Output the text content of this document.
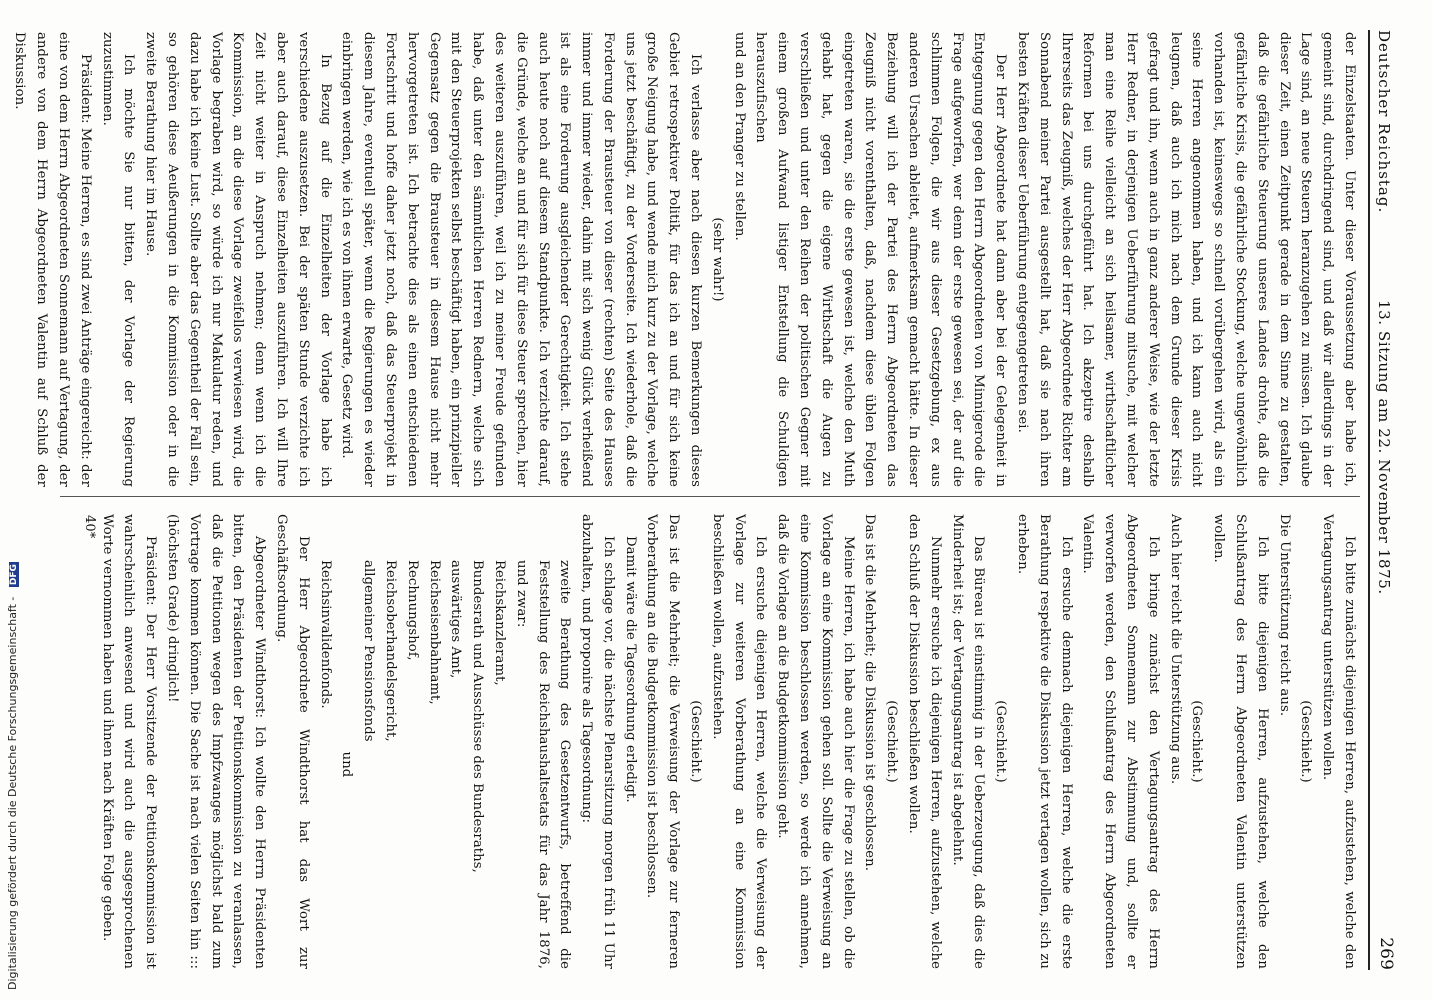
Deutscher Reichstag.
13. Sitzung am 22. November 1875.
269

der Einzelstaaten. Unter dieser Voraussetzung aber habe ich, gemeint sind, durchdringend sind, und daß wir allerdings in der Lage sind, an neue Steuern heranzugehen zu müssen. Ich glaube dieser Zeit, einen Zeitpunkt gerade in dem Sinne zu gestalten, daß die gefährliche Steuerung unseres Landes drohte, daß die gefährliche Krisis, die gefährliche Stockung, welche ungewöhnlich vorhanden ist, keineswegs so schnell vorübergehen wird, als ein seine Herren angenommen haben, und ich kann auch nicht leugnen, daß auch ich mich nach dem Grunde dieser Krisis gefragt und ihn, wenn auch in ganz anderer Weise, wie der letzte Herr Redner, in derjenigen Ueberführung mitsuche, mit welcher man eine Reihe vielleicht an sich heilsamer, wirthschaftlicher Reformen bei uns durchgeführt hat. Ich akzeptire deshalb Ihrerseits das Zeugniß, welches der Herr Abgeordnete Richter am Sonnabend meiner Partei ausgestellt hat, daß sie nach ihren besten Kräften dieser Ueberführung entgegengetreten sei.

Der Herr Abgeordnete hat dann aber bei der Gelegenheit in Entgegnung gegen den Herrn Abgeordneten von Minnigerode die Frage aufgeworfen, wer denn der erste gewesen sei, der auf die schlimmen Folgen, die wir aus dieser Gesetzgebung, ex aus anderen Ursachen ableitet, aufmerksam gemacht hätte. In dieser Beziehung will ich der Partei des Herrn Abgeordneten das Zeugniß nicht vorenthalten, daß, nachdem diese üblen Folgen eingetreten waren, sie die erste gewesen ist, welche den Muth gehabt hat, gegen die eigene Wirthschaft die Augen zu verschließen und unter den Reihen der politischen Gegner mit einem großen Aufwand listiger Entstellung die Schuldigen herauszufischen

und an den Pranger zu stellen.

(sehr wahr!)

Ich verlasse aber nach diesen kurzen Bemerkungen dieses Gebiet retrospektiver Politik, für das ich an und für sich keine große Neigung habe, und wende mich kurz zu der Vorlage, welche uns jetzt beschäftigt, zu der Vorderseite. Ich wiederhole, daß die Forderung der Brausteuer von dieser (rechten) Seite des Hauses immer und immer wieder, dahin mit sich wenig Glück verheißend ist als eine Forderung ausgleichender Gerechtigkeit. Ich stehe auch heute noch auf diesem Standpunkte. Ich verzichte darauf, die Gründe, welche an und für sich für diese Steuer sprechen, hier des weiteren auszuführen, weil ich zu meiner Freude gefunden habe, daß unter den sämmtlichen Herren Rednern, welche sich mit den Steuerprojekten selbst beschäftigt haben, ein prinzipieller Gegensatz gegen die Brausteuer in diesem Hause nicht mehr hervorgetreten ist. Ich betrachte dies als einen entschiedenen Fortschritt und hoffe daher jetzt noch, daß das Steuerprojekt in diesem Jahre, eventuell später, wenn die Regierungen es wieder einbringen werden, wie ich es von ihnen erwarte, Gesetz wird.

In Bezug auf die Einzelheiten der Vorlage habe ich verschiedene auszusetzen. Bei der späten Stunde verzichte ich aber auch darauf, diese Einzelheiten auszuführen. Ich will Ihre Zeit nicht weiter in Anspruch nehmen; denn wenn ich die Kommission, an die diese Vorlage zweifellos verwiesen wird, die Vorlage begraben wird, so würde ich nur Makulatur reden, und dazu habe ich keine Lust. Sollte aber das Gegentheil der Fall sein, so gehören diese Aeußerungen in die Kommission oder in die zweite Berathung hier im Hause.

Ich möchte Sie nur bitten, der Vorlage der Regierung zuzustimmen.

Präsident: Meine Herren, es sind zwei Anträge eingereicht: der eine von dem Herrn Abgeordneten Sonnemann auf Vertagung, der andere von dem Herrn Abgeordneten Valentin auf Schluß der Diskussion.

Ich bitte zunächst diejenigen Herren, aufzustehen, welche den Vertagungsantrag unterstützen wollen.

(Geschieht.)

Die Unterstützung reicht aus.

Ich bitte diejenigen Herren, aufzustehen, welche den Schlußantrag des Herrn Abgeordneten Valentin unterstützen wollen.

(Geschieht.)

Auch hier reicht die Unterstützung aus.

Ich bringe zunächst den Vertagungsantrag des Herrn Abgeordneten Sonnemann zur Abstimmung und, sollte er verworfen werden, den Schlußantrag des Herrn Abgeordneten Valentin.

Ich ersuche demnach diejenigen Herren, welche die erste Berathung respektive die Diskussion jetzt vertagen wollen, sich zu erheben.

(Geschieht.)

Das Büreau ist einstimmig in der Ueberzeugung, daß dies die Minderheit ist; der Vertagungsantrag ist abgelehnt.

Nunmehr ersuche ich diejenigen Herren, aufzustehen, welche den Schluß der Diskussion beschließen wollen.

(Geschieht.)

Das ist die Mehrheit; die Diskussion ist geschlossen.

Meine Herren, ich habe auch hier die Frage zu stellen, ob die Vorlage an eine Kommission gehen soll. Sollte die Verweisung an eine Kommission beschlossen werden, so werde ich annehmen, daß die Vorlage an die Budgetkommission geht.

Ich ersuche diejenigen Herren, welche die Verweisung der Vorlage zur weiteren Vorberathung an eine Kommission beschließen wollen, aufzustehen.

(Geschieht.)

Das ist die Mehrheit; die Verweisung der Vorlage zur ferneren Vorberathung an die Budgetkommission ist beschlossen.

Damit wäre die Tagesordnung erledigt.

Ich schlage vor, die nächste Plenarsitzung morgen früh 11 Uhr abzuhalten, und proponire als Tagesordnung:

zweite Berathung des Gesetzentwurfs, betreffend die Feststellung des Reichshaushaltsetats für das Jahr 1876, und zwar:

Reichskanzleramt,

Bundesrath und Ausschüsse des Bundesraths,

auswärtiges Amt,

Reichseisenbahnamt,

Rechnungshof,

Reichsoberhandelsgericht,

allgemeiner Pensionsfonds

und

Reichsinvalidenfonds.

Der Herr Abgeordnete Windthorst hat das Wort zur Geschäftsordnung.

Abgeordneter Windthorst: Ich wollte den Herrn Präsidenten bitten, den Präsidenten der Petitionskommission zu veranlassen, daß die Petitionen wegen des Impfzwanges möglichst bald zum Vortrage kommen können. Die Sache ist nach vielen Seiten hin ::: (höchsten Grade) dringlich!

Präsident: Der Herr Vorsitzende der Petitionskommission ist wahrscheinlich anwesend und wird auch die ausgesprochenen Worte vernommen haben und ihnen nach Kräften Folge geben.

40*
Digitalisierung gefördert durch die Deutsche Forschungsgemeinschaft - DFG
